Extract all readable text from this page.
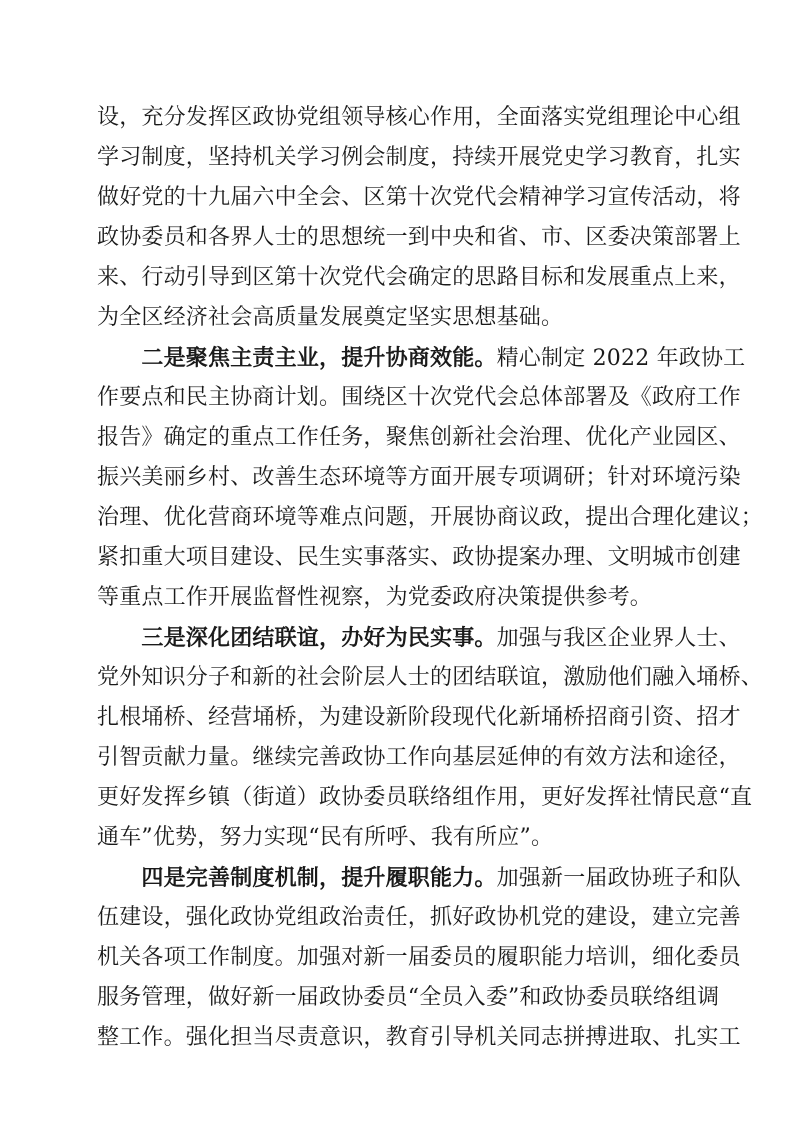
设，充分发挥区政协党组领导核心作用，全面落实党组理论中心组
学习制度，坚持机关学习例会制度，持续开展党史学习教育，扎实
做好党的十九届六中全会、区第十次党代会精神学习宣传活动，将
政协委员和各界人士的思想统一到中央和省、市、区委决策部署上
来、行动引导到区第十次党代会确定的思路目标和发展重点上来，
为全区经济社会高质量发展奠定坚实思想基础。
　　二是聚焦主责主业，提升协商效能。精心制定 2022 年政协工
作要点和民主协商计划。围绕区十次党代会总体部署及《政府工作
报告》确定的重点工作任务，聚焦创新社会治理、优化产业园区、
振兴美丽乡村、改善生态环境等方面开展专项调研；针对环境污染
治理、优化营商环境等难点问题，开展协商议政，提出合理化建议；
紧扣重大项目建设、民生实事落实、政协提案办理、文明城市创建
等重点工作开展监督性视察，为党委政府决策提供参考。
　　三是深化团结联谊，办好为民实事。加强与我区企业界人士、
党外知识分子和新的社会阶层人士的团结联谊，激励他们融入埇桥、
扎根埇桥、经营埇桥，为建设新阶段现代化新埇桥招商引资、招才
引智贡献力量。继续完善政协工作向基层延伸的有效方法和途径，
更好发挥乡镇（街道）政协委员联络组作用，更好发挥社情民意“直
通车”优势，努力实现“民有所呼、我有所应”。
　　四是完善制度机制，提升履职能力。加强新一届政协班子和队
伍建设，强化政协党组政治责任，抓好政协机党的建设，建立完善
机关各项工作制度。加强对新一届委员的履职能力培训，细化委员
服务管理，做好新一届政协委员“全员入委”和政协委员联络组调
整工作。强化担当尽责意识，教育引导机关同志拼搏进取、扎实工
